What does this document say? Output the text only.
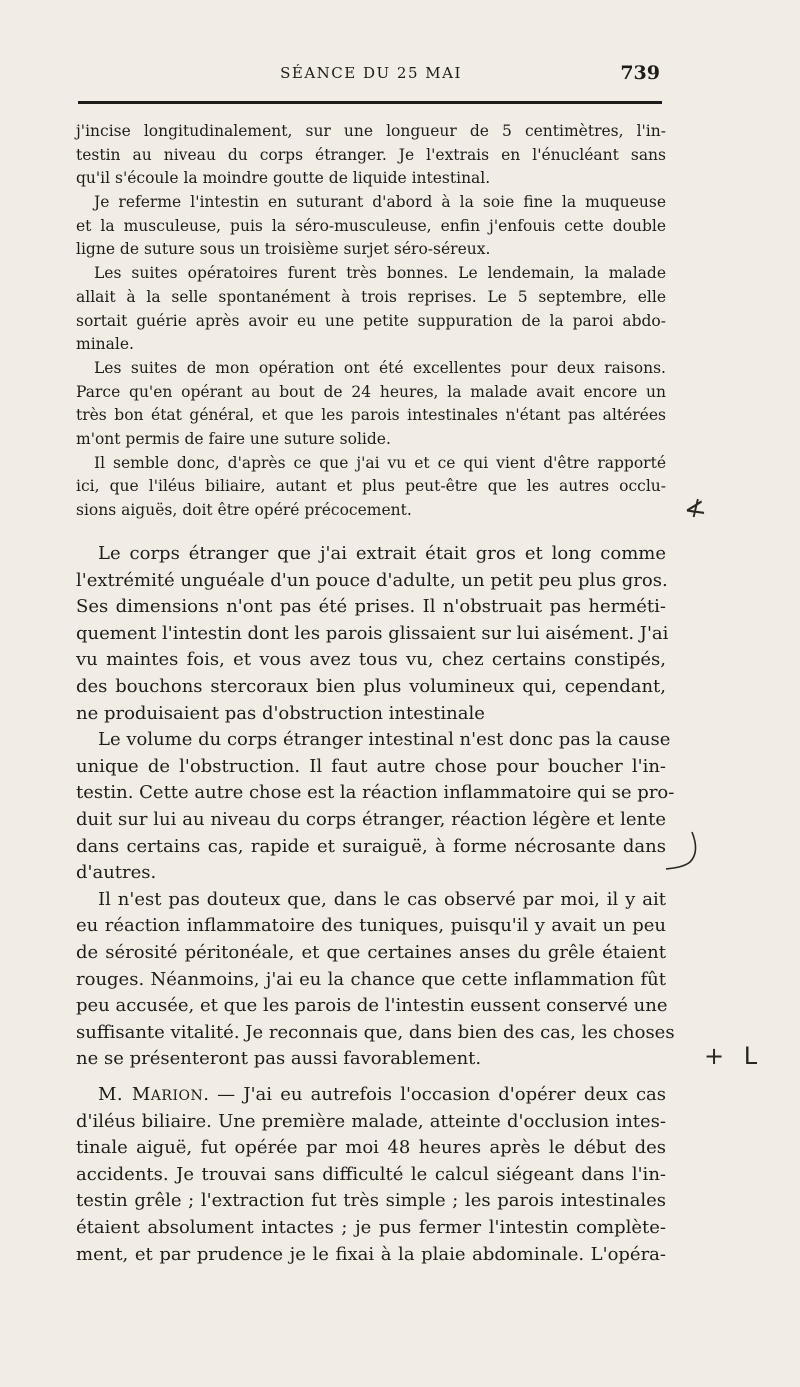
SÉANCE DU 25 MAI	739
j'incise longitudinalement, sur une longueur de 5 centimètres, l'in-
testin au niveau du corps étranger. Je l'extrais en l'énucléant sans
qu'il s'écoule la moindre goutte de liquide intestinal.
Je referme l'intestin en suturant d'abord à la soie fine la muqueuse
et la musculeuse, puis la séro-musculeuse, enfin j'enfouis cette double
ligne de suture sous un troisième surjet séro-séreux.
Les suites opératoires furent très bonnes. Le lendemain, la malade
allait à la selle spontanément à trois reprises. Le 5 septembre, elle
sortait guérie après avoir eu une petite suppuration de la paroi abdo-
minale.
Les suites de mon opération ont été excellentes pour deux raisons.
Parce qu'en opérant au bout de 24 heures, la malade avait encore un
très bon état général, et que les parois intestinales n'étant pas altérées
m'ont permis de faire une suture solide.
Il semble donc, d'après ce que j'ai vu et ce qui vient d'être rapporté
ici, que l'iléus biliaire, autant et plus peut-être que les autres occlu-
sions aiguës, doit être opéré précocement.
Le corps étranger que j'ai extrait était gros et long comme
l'extrémité unguéale d'un pouce d'adulte, un petit peu plus gros.
Ses dimensions n'ont pas été prises. Il n'obstruait pas herméti-
quement l'intestin dont les parois glissaient sur lui aisément. J'ai
vu maintes fois, et vous avez tous vu, chez certains constipés,
des bouchons stercoraux bien plus volumineux qui, cependant,
ne produisaient pas d'obstruction intestinale
Le volume du corps étranger intestinal n'est donc pas la cause
unique de l'obstruction. Il faut autre chose pour boucher l'in-
testin. Cette autre chose est la réaction inflammatoire qui se pro-
duit sur lui au niveau du corps étranger, réaction légère et lente
dans certains cas, rapide et suraiguë, à forme nécrosante dans
d'autres.
Il n'est pas douteux que, dans le cas observé par moi, il y ait
eu réaction inflammatoire des tuniques, puisqu'il y avait un peu
de sérosité péritonéale, et que certaines anses du grêle étaient
rouges. Néanmoins, j'ai eu la chance que cette inflammation fût
peu accusée, et que les parois de l'intestin eussent conservé une
suffisante vitalité. Je reconnais que, dans bien des cas, les choses
ne se présenteront pas aussi favorablement.
M. MARION. — J'ai eu autrefois l'occasion d'opérer deux cas
d'iléus biliaire. Une première malade, atteinte d'occlusion intes-
tinale aiguë, fut opérée par moi 48 heures après le début des
accidents. Je trouvai sans difficulté le calcul siégeant dans l'in-
testin grêle ; l'extraction fut très simple ; les parois intestinales
étaient absolument intactes ; je pus fermer l'intestin complète-
ment, et par prudence je le fixai à la plaie abdominale. L'opéra-
≮
+ L
